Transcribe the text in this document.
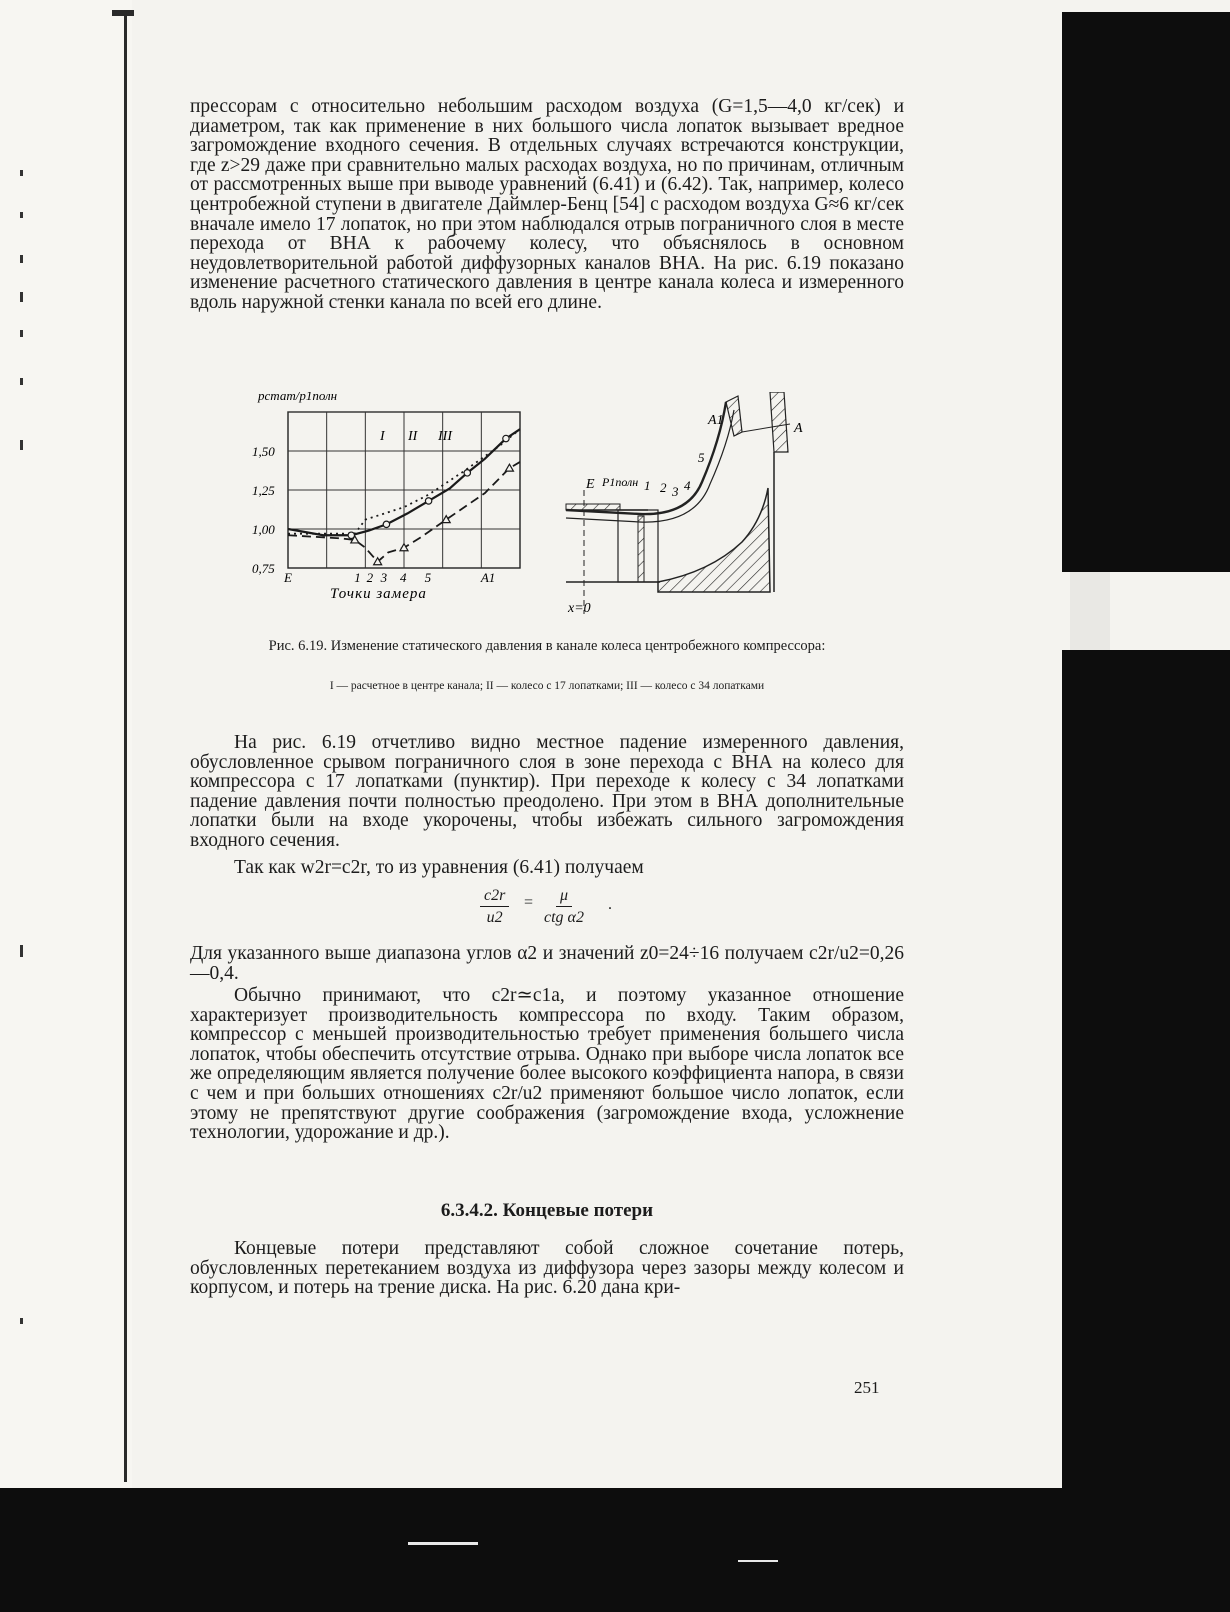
прессорам с относительно небольшим расходом воздуха (G=1,5—4,0 кг/сек) и диаметром, так как применение в них большого числа лопаток вызывает вредное загромождение входного сечения. В отдельных случаях встречаются конструкции, где z>29 даже при сравнительно малых расходах воздуха, но по причинам, отличным от рассмотренных выше при выводе уравнений (6.41) и (6.42). Так, например, колесо центробежной ступени в двигателе Даймлер-Бенц [54] с расходом воздуха G≈6 кг/сек вначале имело 17 лопаток, но при этом наблюдался отрыв пограничного слоя в месте перехода от ВНА к рабочему колесу, что объяснялось в основном неудовлетворительной работой диффузорных каналов ВНА. На рис. 6.19 показано изменение расчетного статического давления в центре канала колеса и измеренного вдоль наружной стенки канала по всей его длине.

pстат/p1полн
0,75
1,00
1,25
1,50
E	1 2 3 4 5	A1
I II III
Точки замера
1 2 3 4
5
E P1полн
x=0
A
A1

Рис. 6.19. Изменение статического давления в канале колеса центробежного компрессора:

I — расчетное в центре канала; II — колесо с 17 лопатками; III — колесо с 34 лопатками

На рис. 6.19 отчетливо видно местное падение измеренного давления, обусловленное срывом пограничного слоя в зоне перехода с ВНА на колесо для компрессора с 17 лопатками (пунктир). При переходе к колесу с 34 лопатками падение давления почти полностью преодолено. При этом в ВНА дополнительные лопатки были на входе укорочены, чтобы избежать сильного загромождения входного сечения.

Так как w2r=c2r, то из уравнения (6.41) получаем

$\frac{c2r}{u2} = \mu$
ctg α2
.

Для указанного выше диапазона углов α2 и значений z0=24÷16 получаем c2r/u2=0,26—0,4.

Обычно принимают, что c2r≃c1a, и поэтому указанное отношение характеризует производительность компрессора по входу. Таким образом, компрессор с меньшей производительностью требует применения большего числа лопаток, чтобы обеспечить отсутствие отрыва. Однако при выборе числа лопаток все же определяющим является получение более высокого коэффициента напора, в связи с чем и при больших отношениях c2r/u2 применяют большое число лопаток, если этому не препятствуют другие соображения (загромождение входа, усложнение технологии, удорожание и др.).

6.3.4.2. Концевые потери

Концевые потери представляют собой сложное сочетание потерь, обусловленных перетеканием воздуха из диффузора через зазоры между колесом и корпусом, и потерь на трение диска. На рис. 6.20 дана кри-

251
